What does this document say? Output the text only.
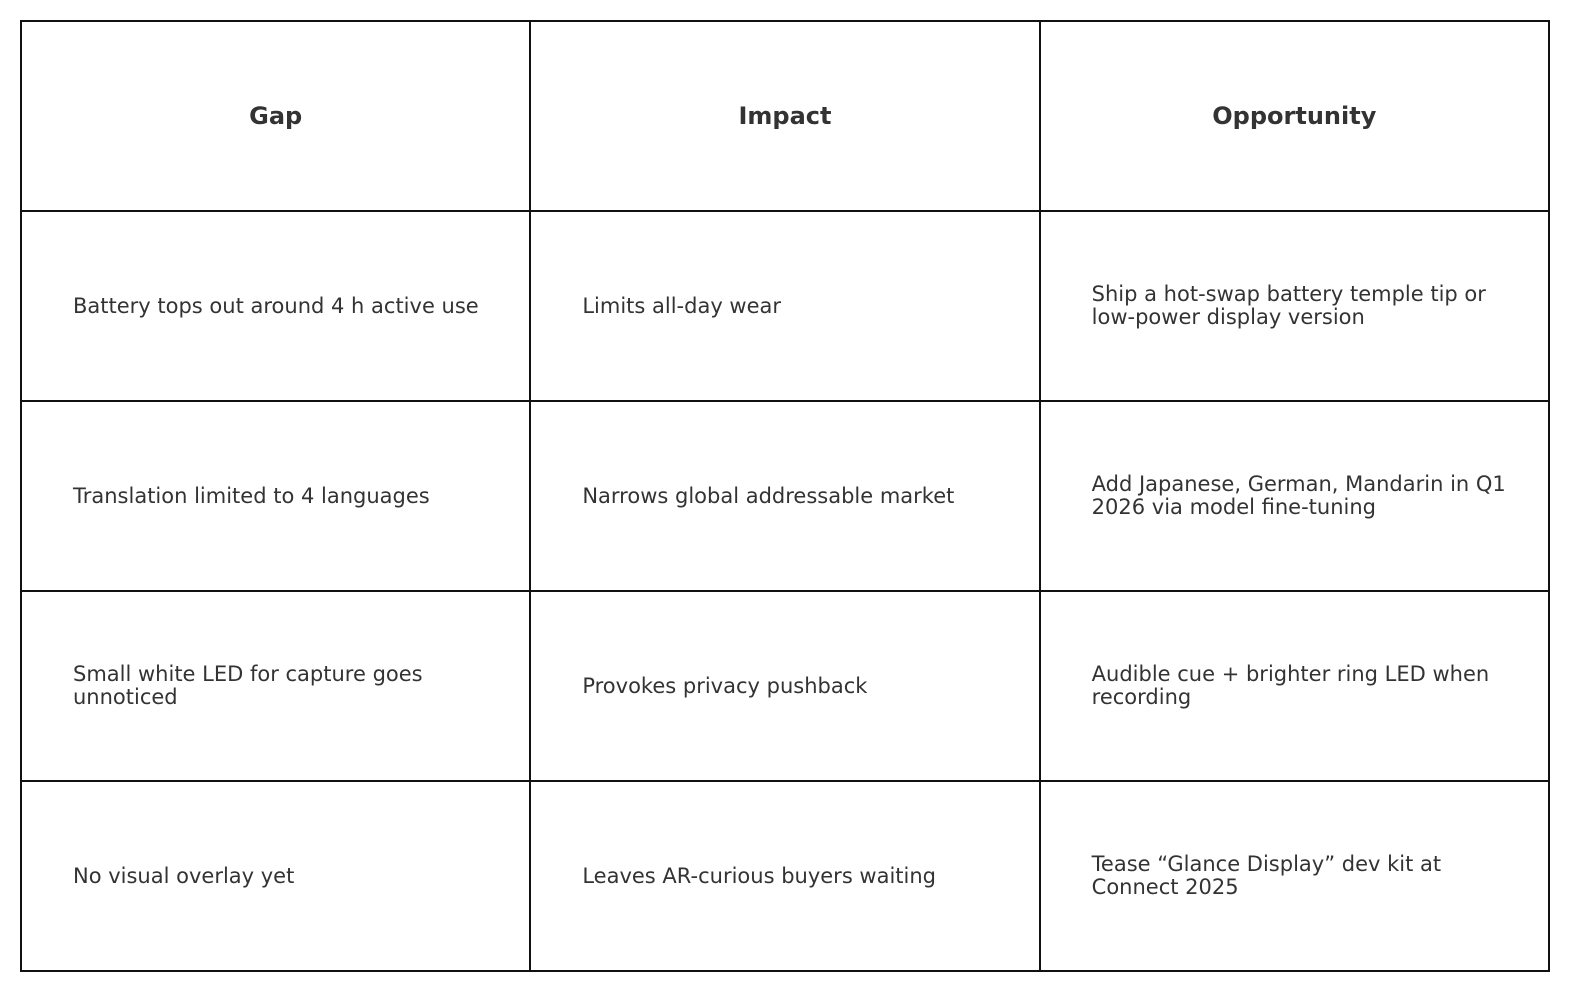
Gap	Impact	Opportunity
Battery tops out around 4 h active use	Limits all-day wear	Ship a hot-swap battery temple tip or low-power display version
Translation limited to 4 languages	Narrows global addressable market	Add Japanese, German, Mandarin in Q1 2026 via model fine-tuning
Small white LED for capture goes unnoticed	Provokes privacy pushback	Audible cue + brighter ring LED when recording
No visual overlay yet	Leaves AR-curious buyers waiting	Tease “Glance Display” dev kit at Connect 2025
